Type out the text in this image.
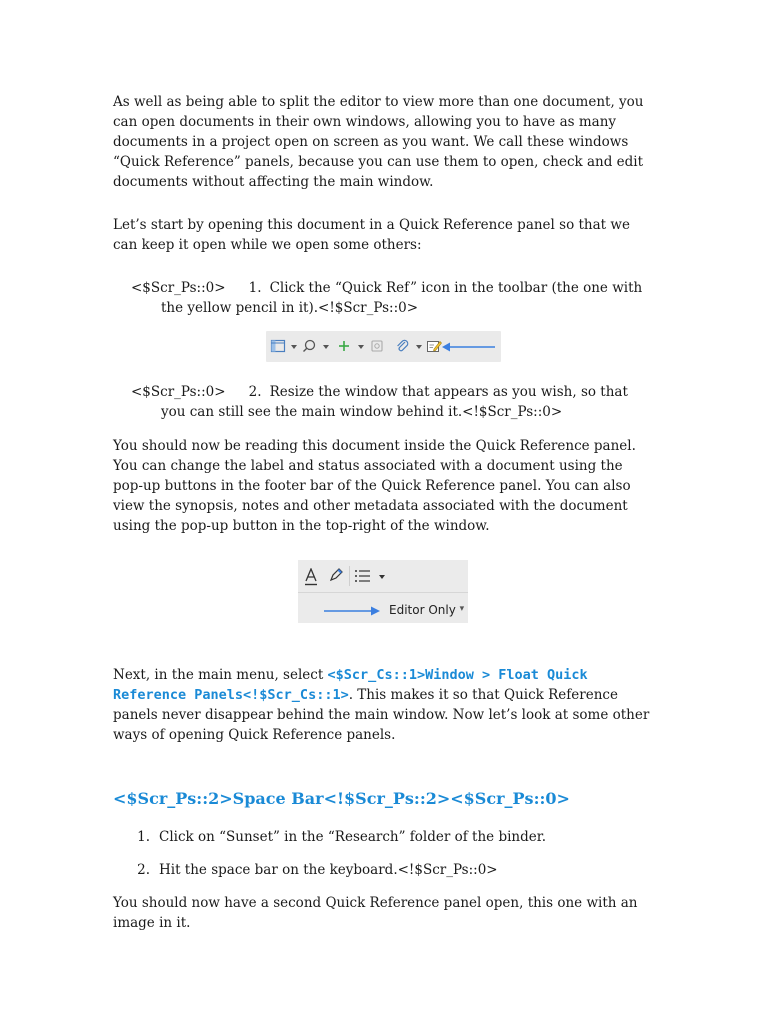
As well as being able to split the editor to view more than one document, you can open documents in their own windows, allowing you to have as many documents in a project open on screen as you want. We call these windows “Quick Reference” panels, because you can use them to open, check and edit documents without affecting the main window.

Let’s start by opening this document in a Quick Reference panel so that we can keep it open while we open some others:

<$Scr_Ps::0> 1. Click the “Quick Ref” icon in the toolbar (the one with the yellow pencil in it).<!$Scr_Ps::0>

<$Scr_Ps::0> 2. Resize the window that appears as you wish, so that you can still see the main window behind it.<!$Scr_Ps::0>

You should now be reading this document inside the Quick Reference panel. You can change the label and status associated with a document using the pop-up buttons in the footer bar of the Quick Reference panel. You can also view the synopsis, notes and other metadata associated with the document using the pop-up button in the top-right of the window.

Next, in the main menu, select <$Scr_Cs::1>Window > Float Quick Reference Panels<!$Scr_Cs::1>. This makes it so that Quick Reference panels never disappear behind the main window. Now let’s look at some other ways of opening Quick Reference panels.

<$Scr_Ps::2>Space Bar<!$Scr_Ps::2><$Scr_Ps::0>

1. Click on “Sunset” in the “Research” folder of the binder.
2. Hit the space bar on the keyboard.<!$Scr_Ps::0>

You should now have a second Quick Reference panel open, this one with an image in it.

Editor Only ▾
